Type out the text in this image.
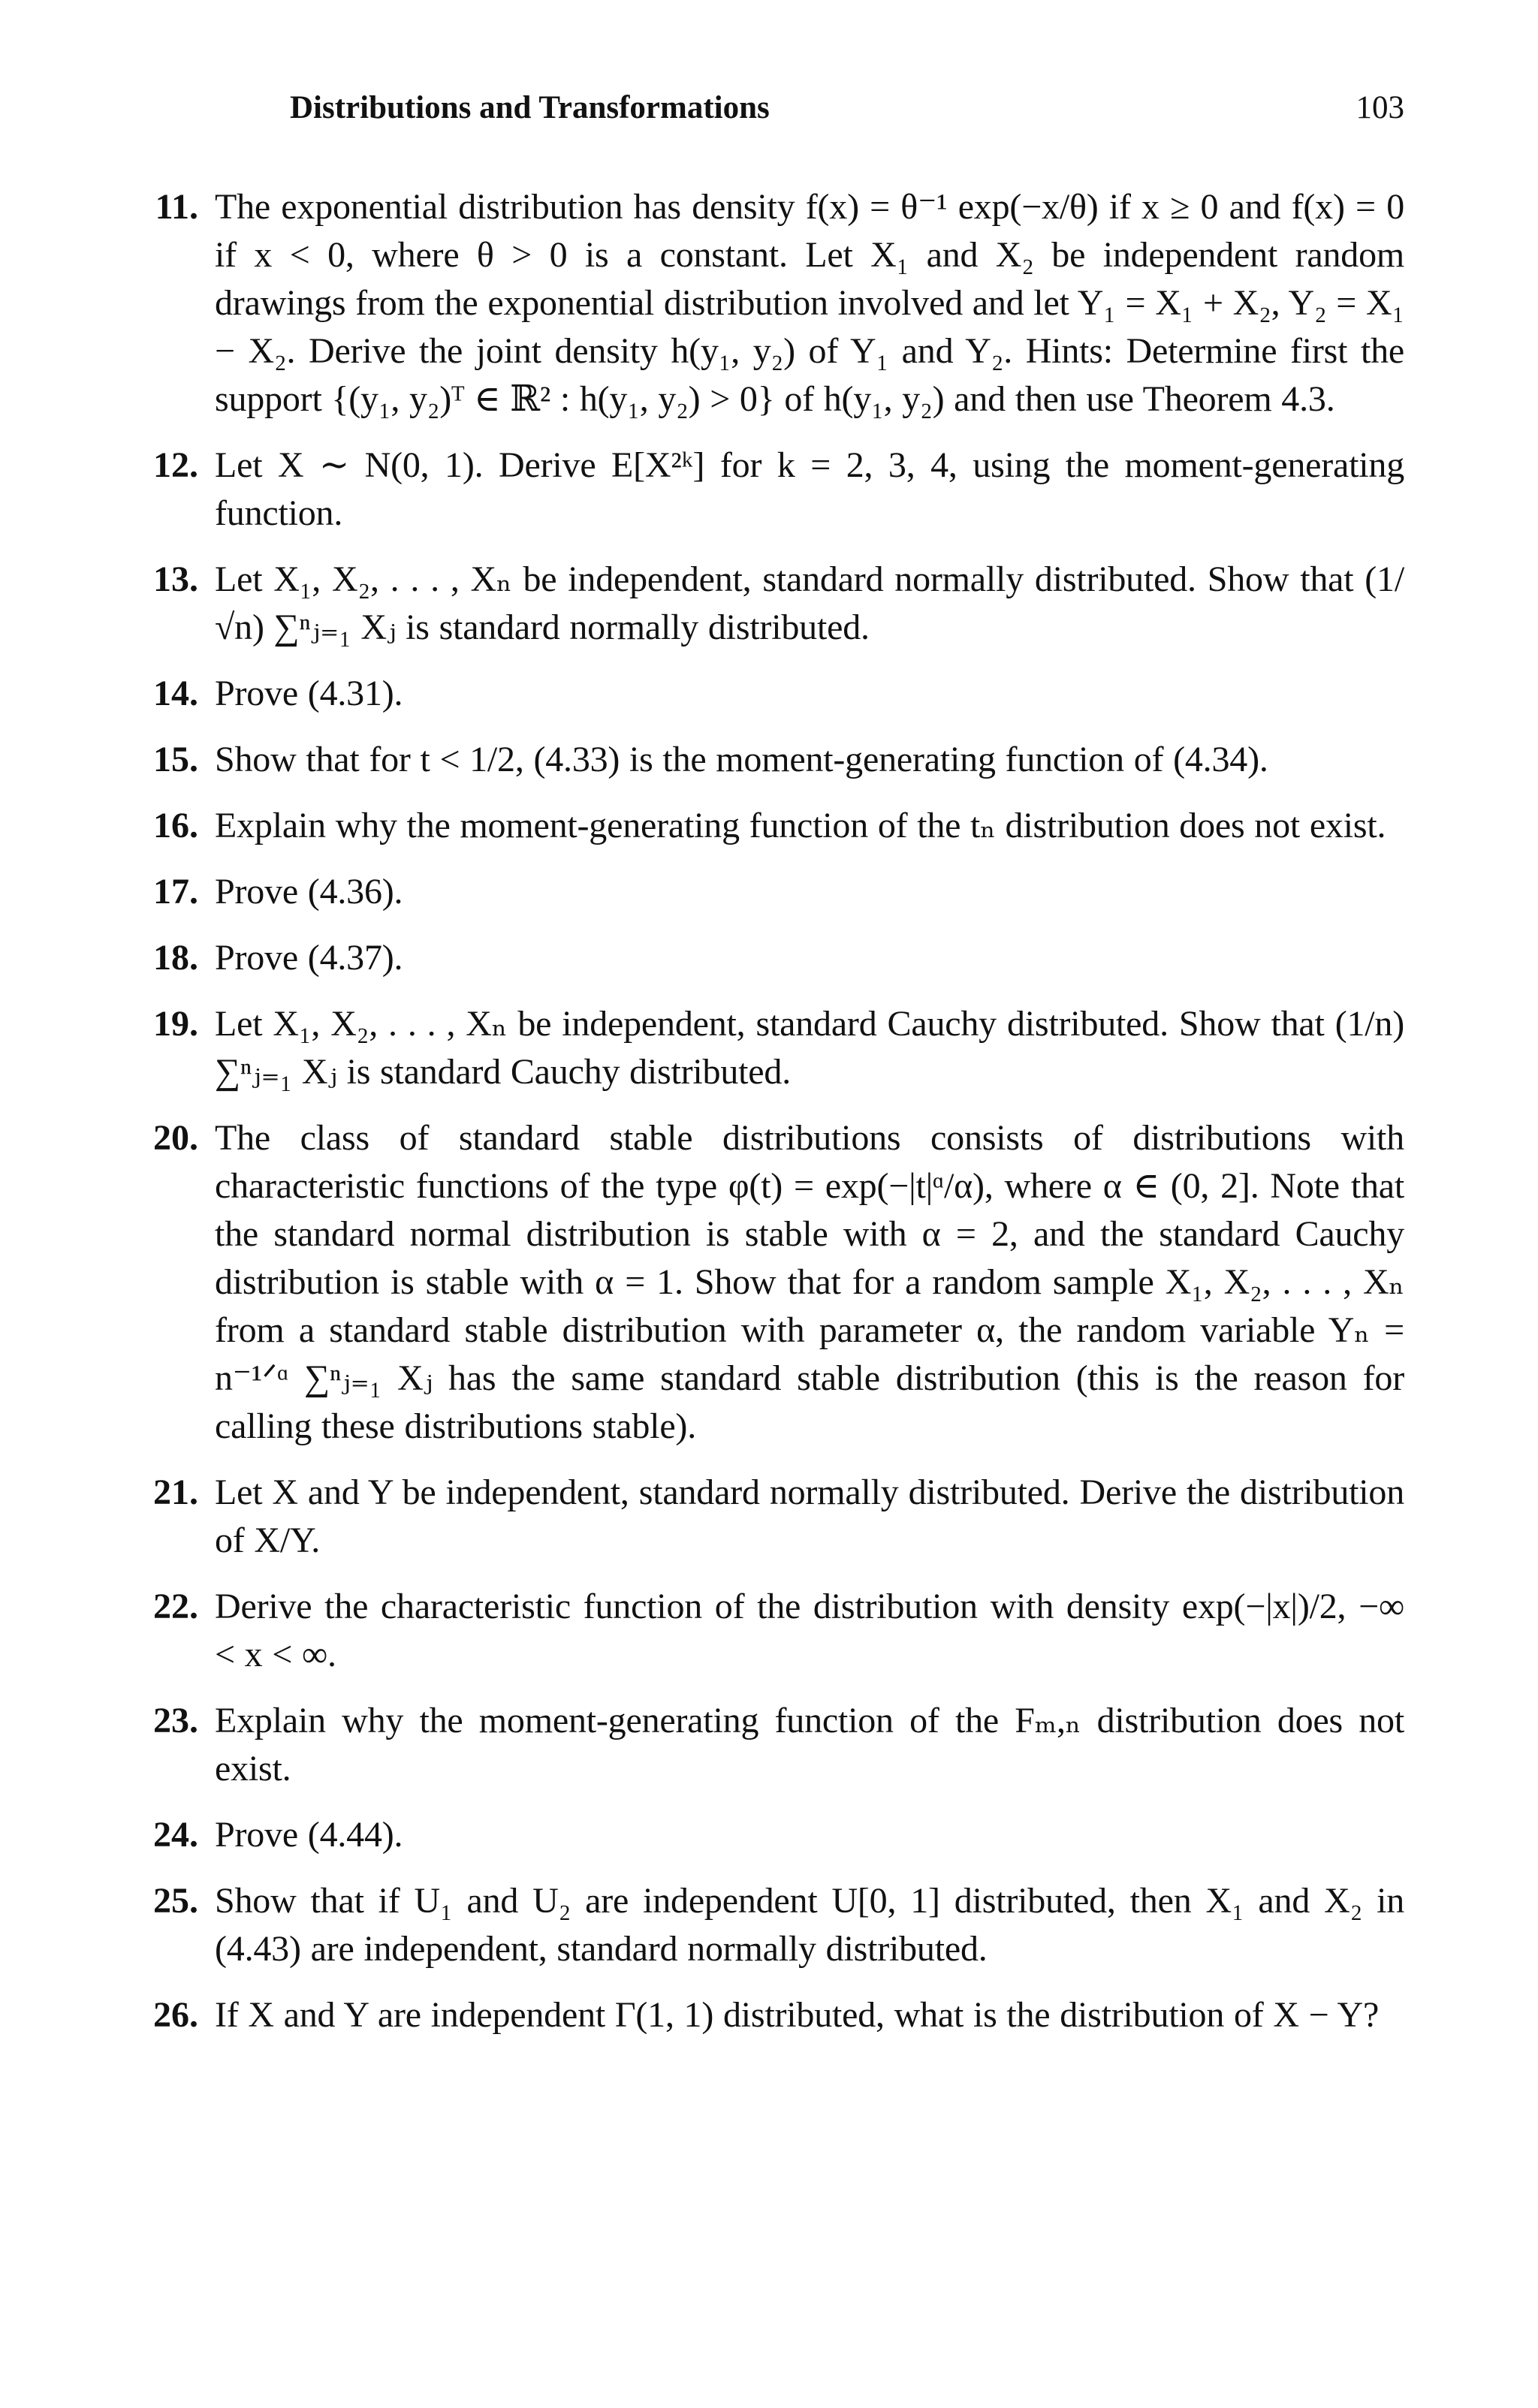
Distributions and Transformations	103
11. The exponential distribution has density f(x) = θ⁻¹ exp(−x/θ) if x ≥ 0 and f(x) = 0 if x < 0, where θ > 0 is a constant. Let X₁ and X₂ be independent random drawings from the exponential distribution involved and let Y₁ = X₁ + X₂, Y₂ = X₁ − X₂. Derive the joint density h(y₁, y₂) of Y₁ and Y₂. Hints: Determine first the support {(y₁, y₂)ᵀ ∈ ℝ² : h(y₁, y₂) > 0} of h(y₁, y₂) and then use Theorem 4.3.
12. Let X ∼ N(0, 1). Derive E[X²ᵏ] for k = 2, 3, 4, using the moment-generating function.
13. Let X₁, X₂, . . . , Xₙ be independent, standard normally distributed. Show that (1/√n) ∑ⁿⱼ₌₁ Xⱼ is standard normally distributed.
14. Prove (4.31).
15. Show that for t < 1/2, (4.33) is the moment-generating function of (4.34).
16. Explain why the moment-generating function of the tₙ distribution does not exist.
17. Prove (4.36).
18. Prove (4.37).
19. Let X₁, X₂, . . . , Xₙ be independent, standard Cauchy distributed. Show that (1/n) ∑ⁿⱼ₌₁ Xⱼ is standard Cauchy distributed.
20. The class of standard stable distributions consists of distributions with characteristic functions of the type φ(t) = exp(−|t|ᵅ/α), where α ∈ (0, 2]. Note that the standard normal distribution is stable with α = 2, and the standard Cauchy distribution is stable with α = 1. Show that for a random sample X₁, X₂, . . . , Xₙ from a standard stable distribution with parameter α, the random variable Yₙ = n⁻¹ᐟᵅ ∑ⁿⱼ₌₁ Xⱼ has the same standard stable distribution (this is the reason for calling these distributions stable).
21. Let X and Y be independent, standard normally distributed. Derive the distribution of X/Y.
22. Derive the characteristic function of the distribution with density exp(−|x|)/2, −∞ < x < ∞.
23. Explain why the moment-generating function of the Fₘ,ₙ distribution does not exist.
24. Prove (4.44).
25. Show that if U₁ and U₂ are independent U[0, 1] distributed, then X₁ and X₂ in (4.43) are independent, standard normally distributed.
26. If X and Y are independent Γ(1, 1) distributed, what is the distribution of X − Y?
